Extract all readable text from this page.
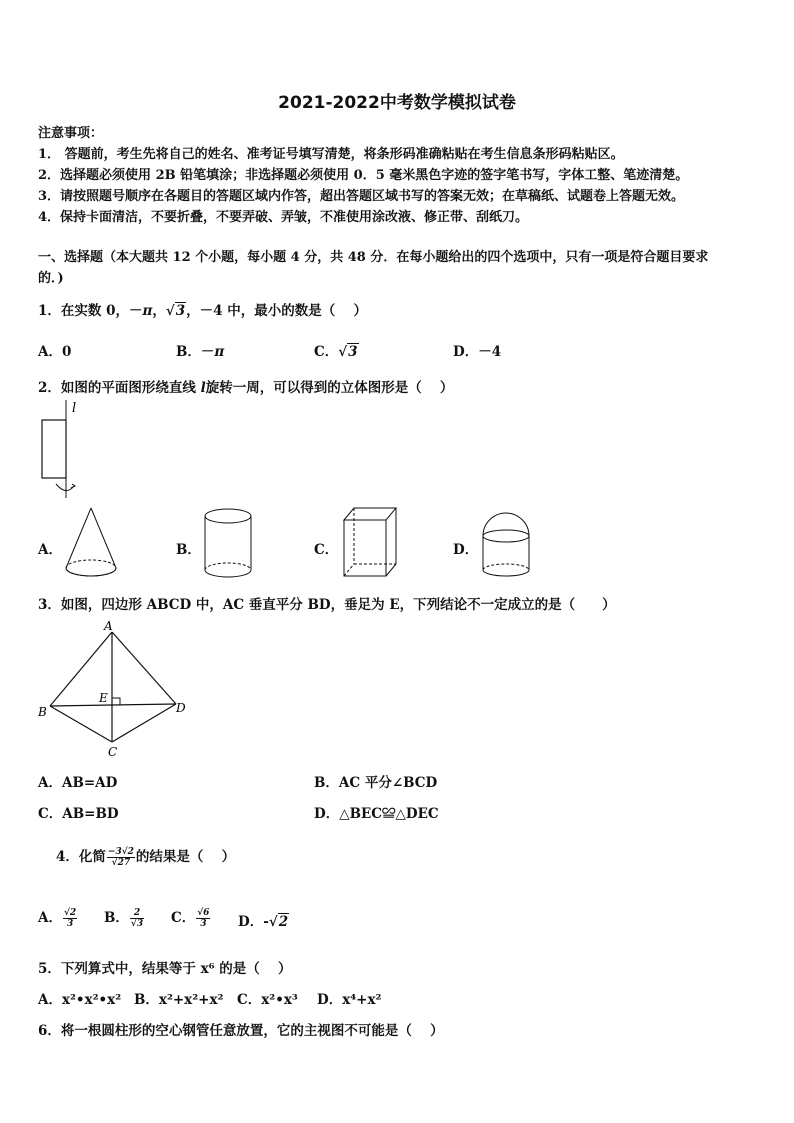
2021-2022中考数学模拟试卷
注意事项：
1． 答题前，考生先将自己的姓名、准考证号填写清楚，将条形码准确粘贴在考生信息条形码粘贴区。
2．选择题必须使用 2B 铅笔填涂；非选择题必须使用 0．5 毫米黑色字迹的签字笔书写，字体工整、笔迹清楚。
3．请按照题号顺序在各题目的答题区域内作答，超出答题区域书写的答案无效；在草稿纸、试题卷上答题无效。
4．保持卡面清洁，不要折叠，不要弄破、弄皱，不准使用涂改液、修正带、刮纸刀。
一、选择题（本大题共 12 个小题，每小题 4 分，共 48 分．在每小题给出的四个选项中，只有一项是符合题目要求
的．)
1．在实数 0，－π，√3，－4 中，最小的数是（　 ）
A．0	B．－π	C．√3	D．－4
2．如图的平面图形绕直线 l旋转一周，可以得到的立体图形是（　 ）
l
A．	B．	C．	D．
3．如图，四边形 ABCD 中，AC 垂直平分 BD，垂足为 E，下列结论不一定成立的是（　　）
A
B
C
D
E
A．AB=AD	B．AC 平分∠BCD
C．AB=BD	D．△BEC≌△DEC
4．化简 $\frac{-3√2}{√27}$ 的结果是（　 ）
A． $\frac{√2}{3}$ B． $\frac{2}{√3}$ C． $\frac{√6}{3}$ D．-√2
5．下列算式中，结果等于 x⁶ 的是（　 ）
A．x²•x²•x² B．x²+x²+x² C．x²•x³ D．x⁴+x²
6．将一根圆柱形的空心钢管任意放置，它的主视图不可能是（　 ）
